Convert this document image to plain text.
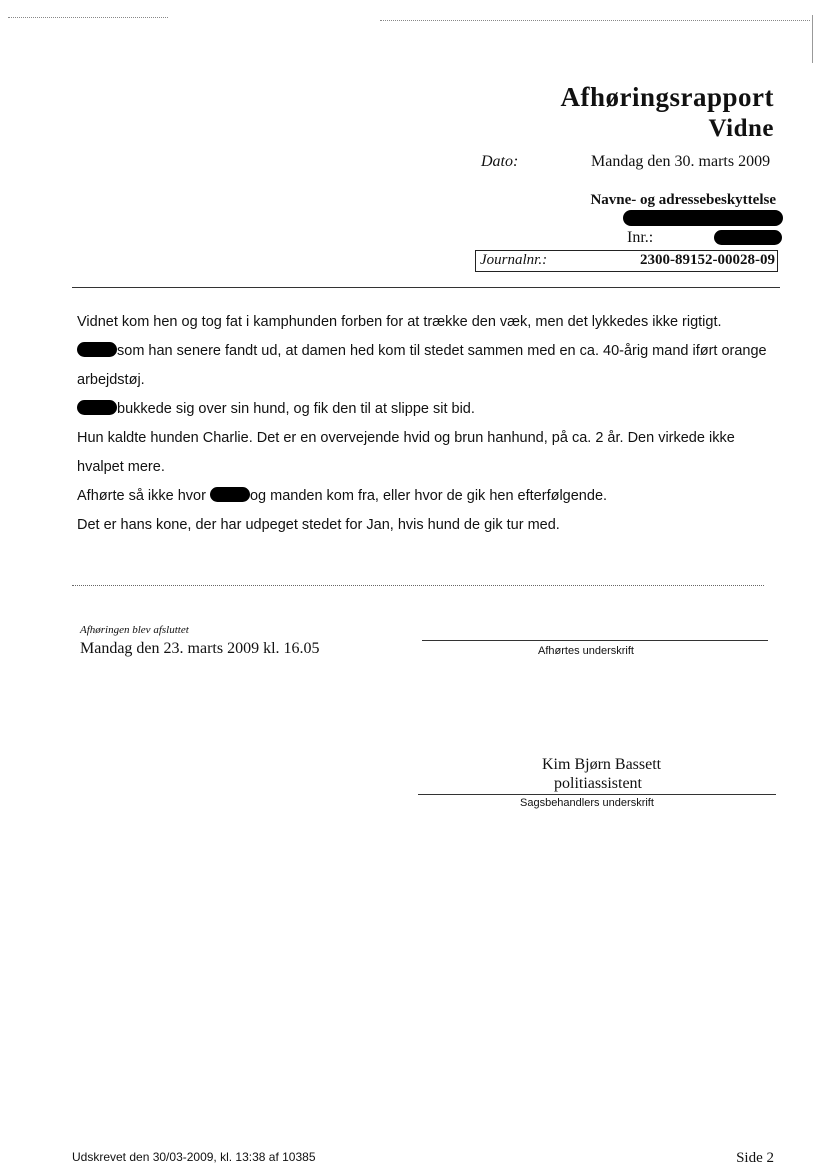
Afhøringsrapport
Vidne
Dato:	Mandag den 30. marts 2009
Navne- og adressebeskyttelse
Inr.:
Journalnr.:	2300-89152-00028-09

Vidnet kom hen og tog fat i kamphunden forben for at trække den væk, men det lykkedes ikke rigtigt.

som han senere fandt ud, at damen hed kom til stedet sammen med en ca. 40-årig mand iført orange arbejdstøj.

bukkede sig over sin hund, og fik den til at slippe sit bid.

Hun kaldte hunden Charlie. Det er en overvejende hvid og brun hanhund, på ca. 2 år. Den virkede ikke hvalpet mere.

Afhørte så ikke hvor	og manden kom fra, eller hvor de gik hen efterfølgende.

Det er hans kone, der har udpeget stedet for Jan, hvis hund de gik tur med.

Afhøringen blev afsluttet
Mandag den 23. marts 2009 kl. 16.05	Afhørtes underskrift
Kim Bjørn Bassett
politiassistent
Sagsbehandlers underskrift
Udskrevet den 30/03-2009, kl. 13:38 af 10385	Side 2
